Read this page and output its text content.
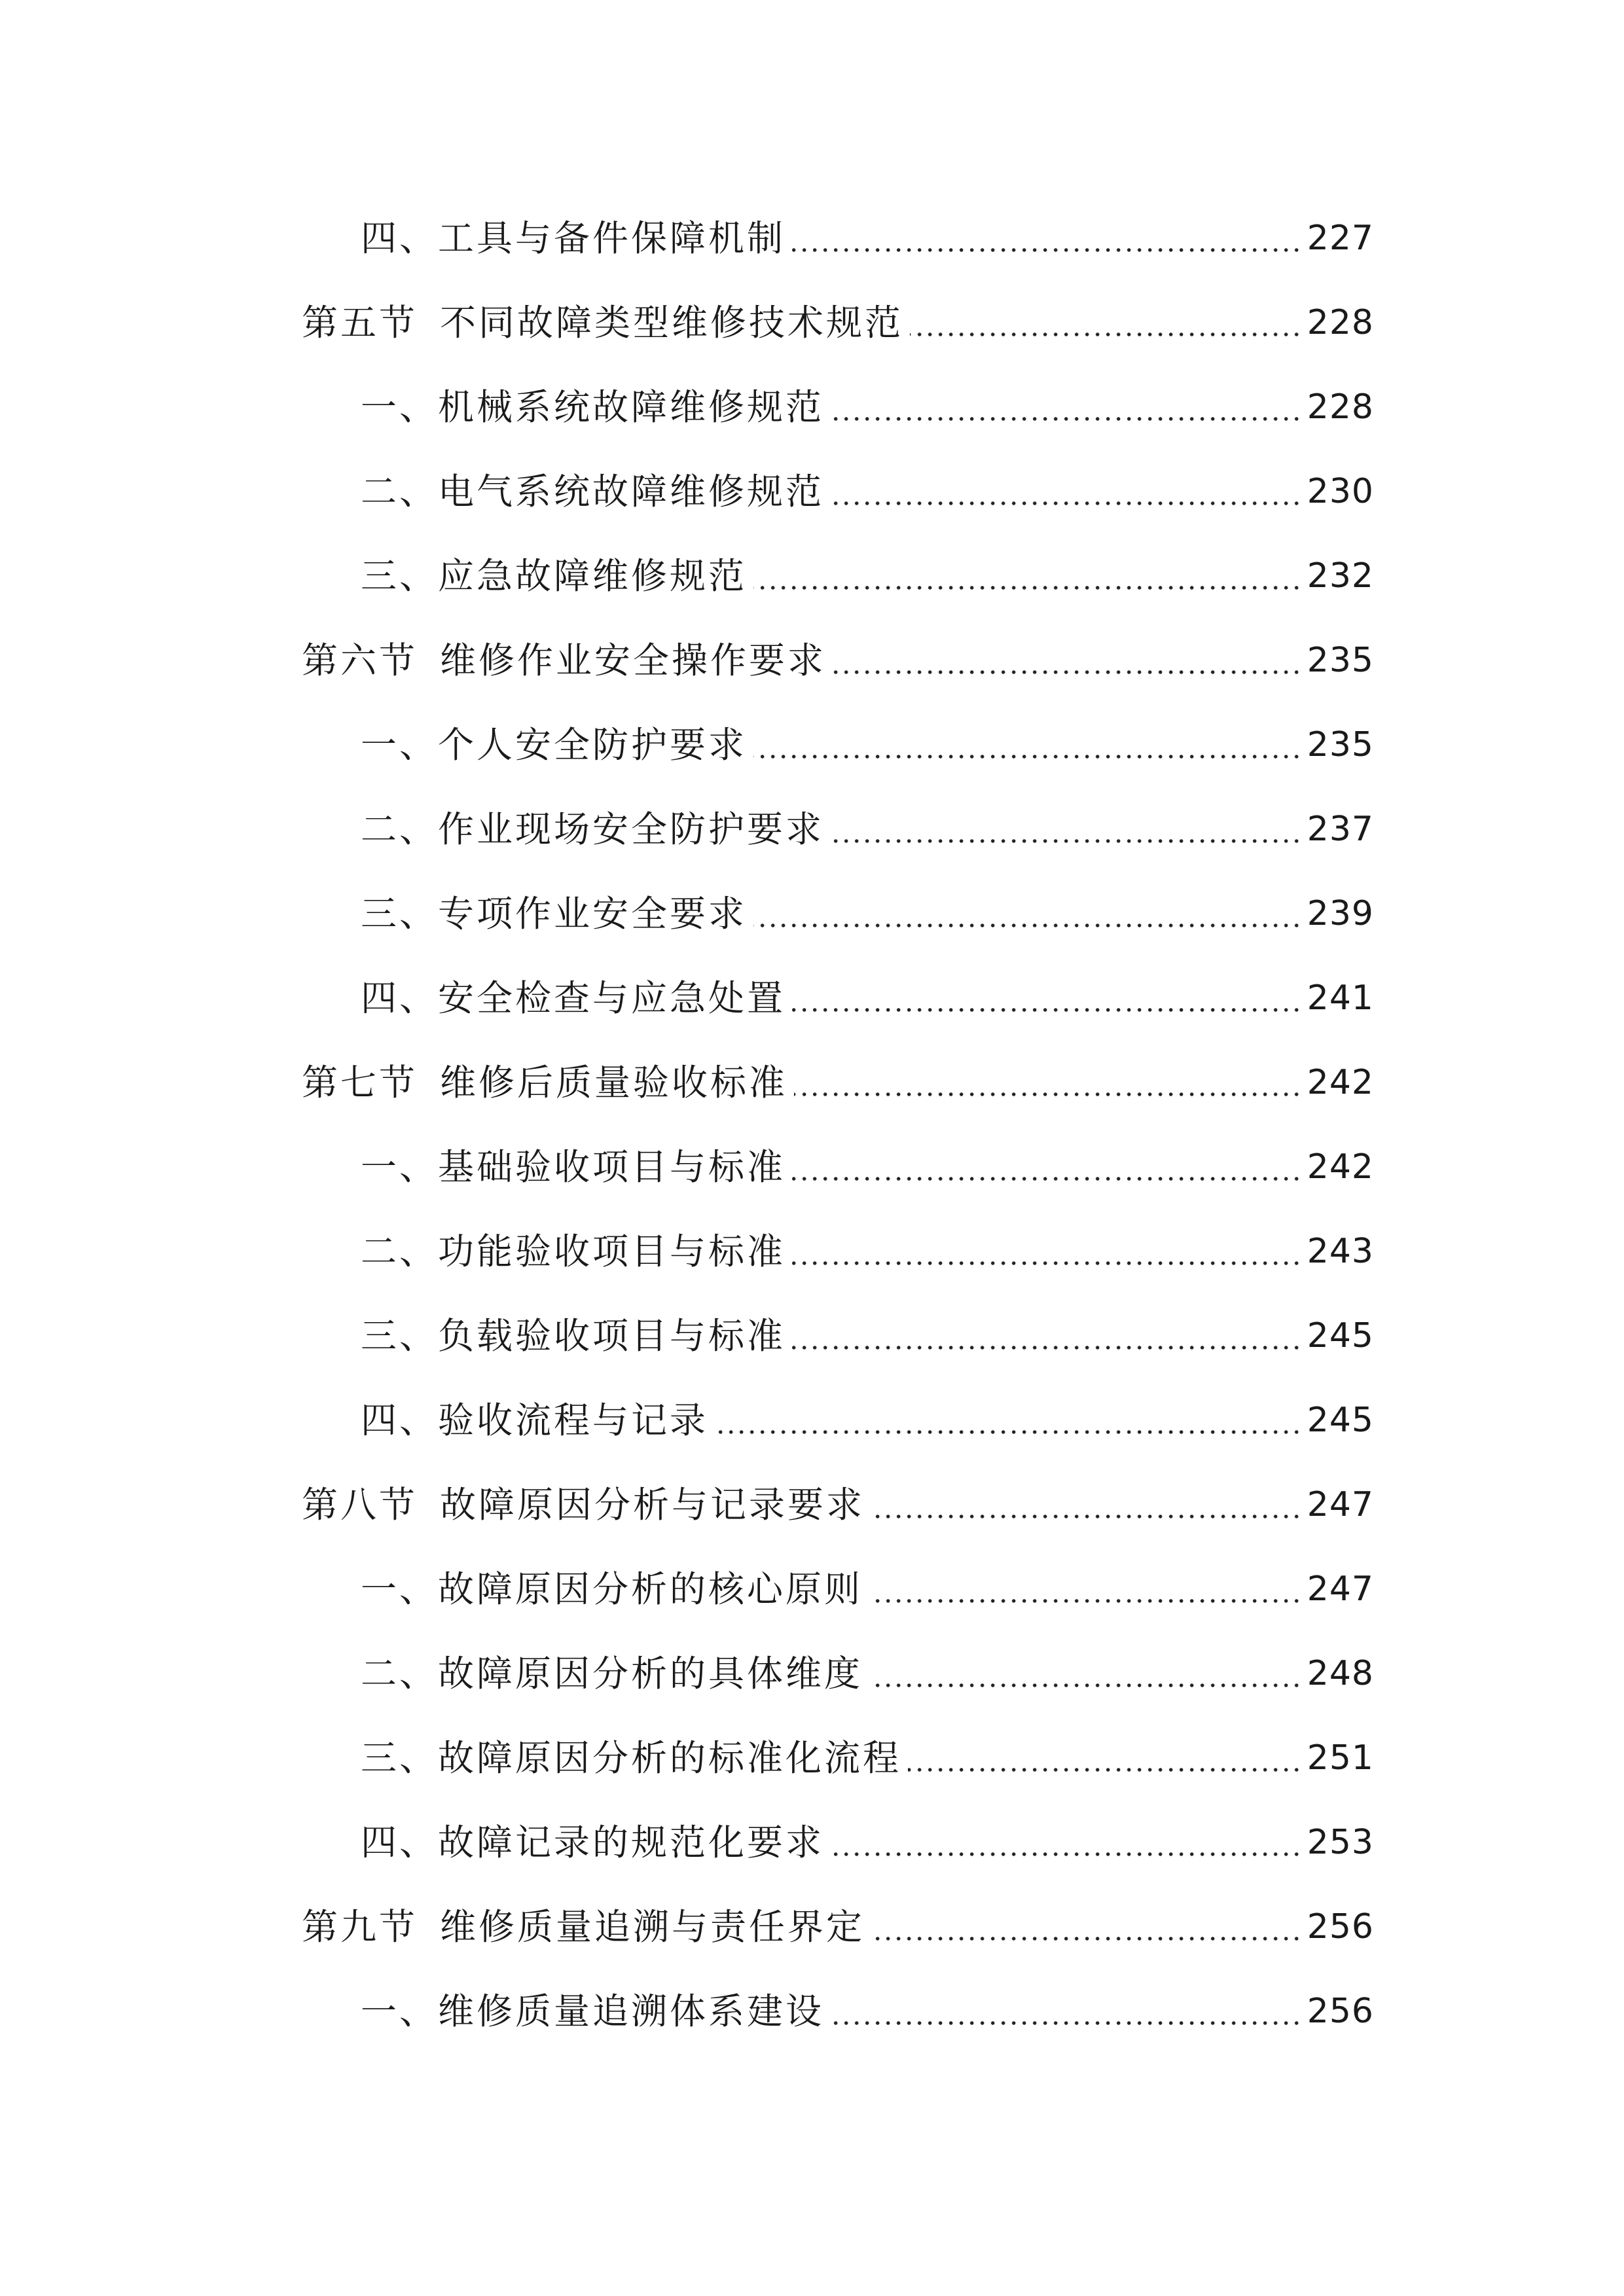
四、工具与备件保障机制	227
第五节 不同故障类型维修技术规范	228
一、机械系统故障维修规范	228
二、电气系统故障维修规范	230
三、应急故障维修规范	232
第六节 维修作业安全操作要求	235
一、个人安全防护要求	235
二、作业现场安全防护要求	237
三、专项作业安全要求	239
四、安全检查与应急处置	241
第七节 维修后质量验收标准	242
一、基础验收项目与标准	242
二、功能验收项目与标准	243
三、负载验收项目与标准	245
四、验收流程与记录	245
第八节 故障原因分析与记录要求	247
一、故障原因分析的核心原则	247
二、故障原因分析的具体维度	248
三、故障原因分析的标准化流程	251
四、故障记录的规范化要求	253
第九节 维修质量追溯与责任界定	256
一、维修质量追溯体系建设	256
